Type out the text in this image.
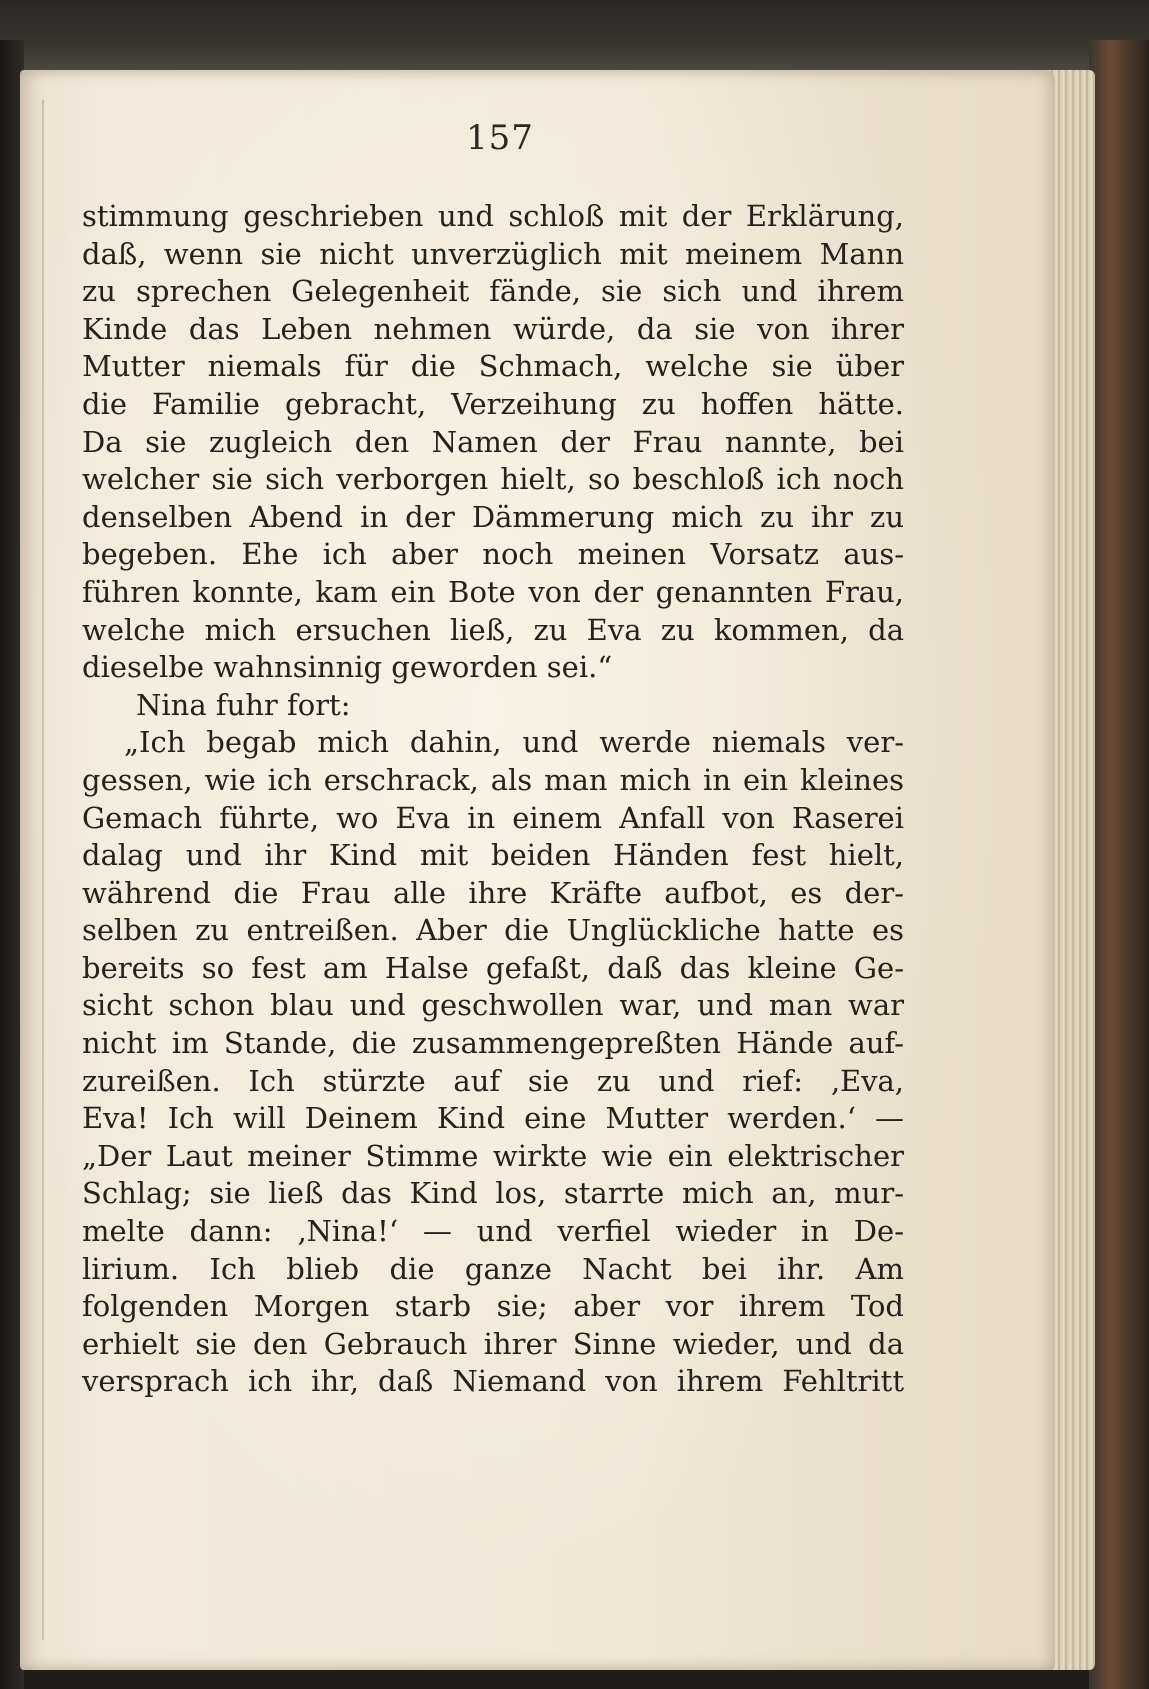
157
stimmung geschrieben und schloß mit der Erklärung,
daß, wenn sie nicht unverzüglich mit meinem Mann
zu sprechen Gelegenheit fände, sie sich und ihrem
Kinde das Leben nehmen würde, da sie von ihrer
Mutter niemals für die Schmach, welche sie über
die Familie gebracht, Verzeihung zu hoffen hätte.
Da sie zugleich den Namen der Frau nannte, bei
welcher sie sich verborgen hielt, so beschloß ich noch
denselben Abend in der Dämmerung mich zu ihr zu
begeben. Ehe ich aber noch meinen Vorsatz aus-
führen konnte, kam ein Bote von der genannten Frau,
welche mich ersuchen ließ, zu Eva zu kommen, da
dieselbe wahnsinnig geworden sei.“
Nina fuhr fort:
„Ich begab mich dahin, und werde niemals ver-
gessen, wie ich erschrack, als man mich in ein kleines
Gemach führte, wo Eva in einem Anfall von Raserei
dalag und ihr Kind mit beiden Händen fest hielt,
während die Frau alle ihre Kräfte aufbot, es der-
selben zu entreißen. Aber die Unglückliche hatte es
bereits so fest am Halse gefaßt, daß das kleine Ge-
sicht schon blau und geschwollen war, und man war
nicht im Stande, die zusammengepreßten Hände auf-
zureißen. Ich stürzte auf sie zu und rief: ‚Eva,
Eva! Ich will Deinem Kind eine Mutter werden.‘ —
„Der Laut meiner Stimme wirkte wie ein elektrischer
Schlag; sie ließ das Kind los, starrte mich an, mur-
melte dann: ‚Nina!‘ — und verfiel wieder in De-
lirium. Ich blieb die ganze Nacht bei ihr. Am
folgenden Morgen starb sie; aber vor ihrem Tod
erhielt sie den Gebrauch ihrer Sinne wieder, und da
versprach ich ihr, daß Niemand von ihrem Fehltritt
